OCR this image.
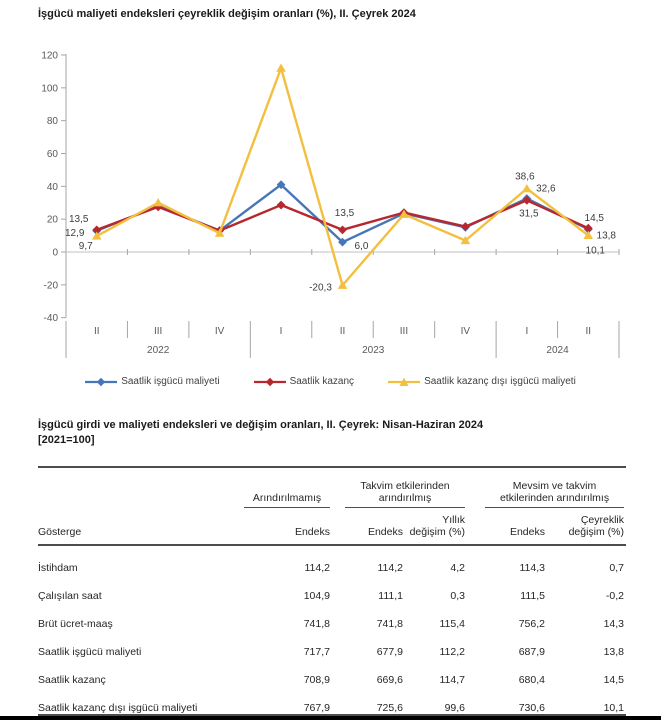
İşgücü maliyeti endeksleri çeyreklik değişim oranları (%), II. Çeyrek 2024
-40
-20
0
20
40
60
80
100
120
II	III	IV	I	II	III	IV	I	II
2022	2023	2024
13,5
12,9
9,7
13,5
6,0
-20,3
38,6
32,6
31,5	14,5
13,8
10,1
Saatlik işgücü maliyeti	Saatlik kazanç	Saatlik kazanç dışı işgücü maliyeti
İşgücü girdi ve maliyeti endeksleri ve değişim oranları, II. Çeyrek: Nisan-Haziran 2024
[2021=100]

	Arındırılmamış	Takvim etkilerinden arındırılmış		Mevsim ve takvim etkilerinden arındırılmış	

Gösterge	Endeks	Endeks	Yıllık değişim (%)	Endeks	Çeyreklik değişim (%)
İstihdam	114,2	114,2	4,2	114,3	0,7
Çalışılan saat	104,9	111,1	0,3	111,5	-0,2
Brüt ücret-maaş	741,8	741,8	115,4	756,2	14,3
Saatlik işgücü maliyeti	717,7	677,9	112,2	687,9	13,8
Saatlik kazanç	708,9	669,6	114,7	680,4	14,5
Saatlik kazanç dışı işgücü maliyeti	767,9	725,6	99,6	730,6	10,1
